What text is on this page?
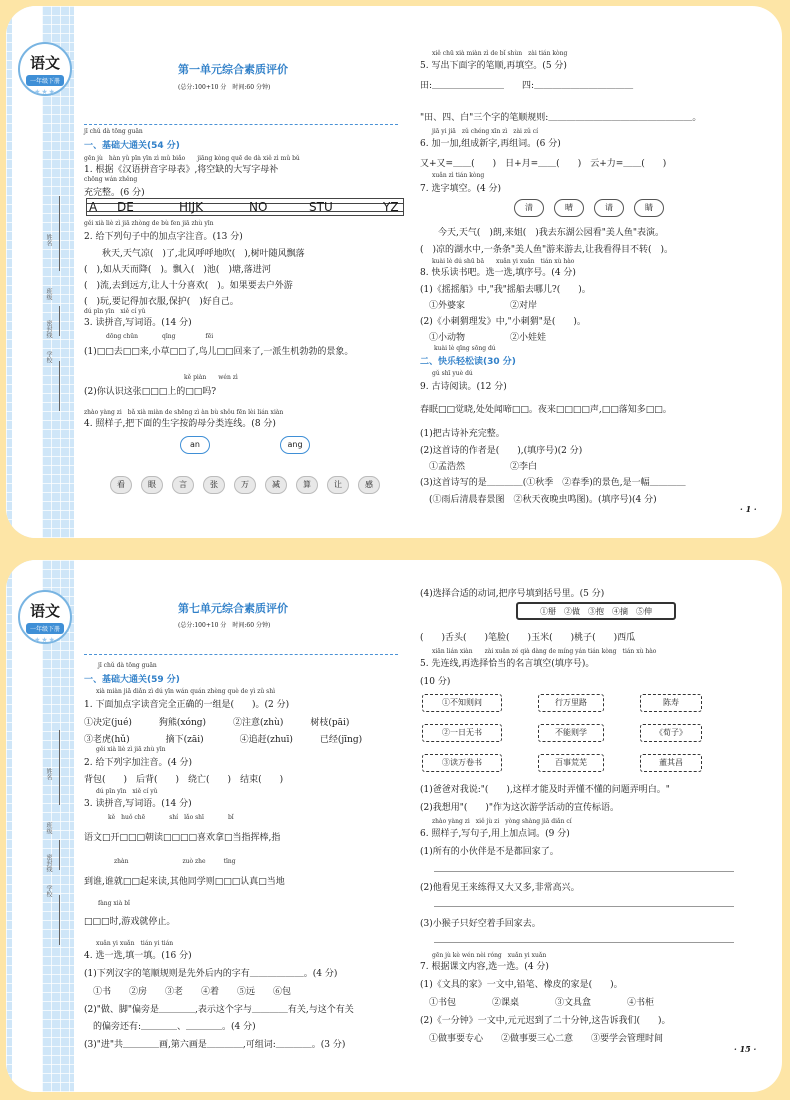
姓名
班级
密封线
学校
语文
一年级下册
★★★
第一单元综合素质评价
(总分:100+10 分　时间:60 分钟)
jī chǔ dà tōng guān
一、基础大通关(54 分)
gēn jù　hàn yǔ pīn yīn zì mǔ biǎo　　jiāng kòng quē de dà xiě zì mǔ bǔ
1. 根据《汉语拼音字母表》,将空缺的大写字母补
chōng wán zhěng
充完整。(6 分)
A DE	HIJK	NO	STU	YZ
gěi xià liè zì jiā zhòng de bù fen jiā zhù yīn
2. 给下列句子中的加点字注音。(13 分)
　　秋天,天气凉(　)了,北风呼呼地吹(　),树叶随风飘落
(　),如从天而降(　)。飘入(　)池(　)塘,落进河
(　)流,去到远方,让人十分喜欢(　)。如果要去户外游
(　)玩,要记得加衣服,保护(　)好自己。
dú pīn yīn　xiě cí yǔ
3. 读拼音,写词语。(14 分)
dōng chūn　　　　qīng　　　　　fēi
(1)□□去□□来,小草□□了,鸟儿□□回来了,一派生机勃勃的景象。
kě piàn　　wén zì
(2)你认识这张□□□上的□□吗?
zhào yàng zi　bǎ xià miàn de shēng zì àn bù shǒu fēn lèi lián xiàn
4. 照样子,把下面的生字按韵母分类连线。(8 分)
an	ang
看	眼	言	张	万	减	算	让	感
xiě chū xià miàn zì de bǐ shùn　zài tián kòng
5. 写出下面字的笔顺,再填空。(5 分)
田:＿＿＿＿＿＿＿＿　　四:＿＿＿＿＿＿＿＿＿＿＿
"田、四、白"三个字的笔顺规则:＿＿＿＿＿＿＿＿＿＿＿＿＿＿＿＿。
jiā yi jiā　zǔ chéng xīn zì　zài zǔ cí
6. 加一加,组成新字,再组词。(6 分)
又+又=＿＿(　　)　日+月=＿＿(　　)　云+力=＿＿(　　)
xuǎn zì tián kòng
7. 选字填空。(4 分)
清	晴	请	睛
　　今天,天气(　)朗,来姐(　)我去东湖公园看"美人鱼"表演。
(　)凉的湖水中,一条条"美人鱼"游来游去,让我看得目不转(　)。
kuài lè dú shū bā　　xuǎn yi xuǎn　tián xù hào
8. 快乐读书吧。选一选,填序号。(4 分)
(1)《摇摇船》中,"我"摇船去哪儿?(　　)。
　①外婆家　　　　　②对岸
(2)《小刺猬理发》中,"小刺猬"是(　　)。
　①小动物　　　　　②小娃娃
kuài lè qīng sōng dú
二、快乐轻松读(30 分)
gǔ shī yuè dú
9. 古诗阅读。(12 分)
春眠□□觉晓,处处闻啼□□。夜来□□□□声,□□落知多□□。
(1)把古诗补充完整。
(2)这首诗的作者是(　　),(填序号)(2 分)
　①孟浩然　　　　　②李白
(3)这首诗写的是＿＿＿＿(①秋季　②春季)的景色,是一幅＿＿＿＿
　(①雨后清晨春景图　②秋天夜晚虫鸣图)。(填序号)(4 分)
· 1 ·
姓名
班级
密封线
学校
语文
一年级下册
★★★
第七单元综合素质评价
(总分:100+10 分　时间:60 分钟)
jī chǔ dà tōng guān
一、基础大通关(59 分)
xià miàn jiā diǎn zì dú yīn wán quán zhèng què de yì zǔ shì
1. 下面加点字读音完全正确的一组是(　　)。(2 分)
①决定(jué)　　　狗熊(xóng)　　　②注意(zhù)　　　树枝(pāi)
③老虎(hǔ)　　　　摘下(zāi)　　　　④追赶(zhuī)　　　已经(jīng)
gěi xià liè zì jiā zhù yīn
2. 给下列字加注音。(4 分)
背包(　　)　后背(　　)　绕亡(　　)　结束(　　)
dú pīn yīn　xiě cí yǔ
3. 读拼音,写词语。(14 分)
　　　　kě　huǒ chē　　　　shí　lǎo shī　　　　bǐ
语文□开□□□朝读□□□□喜欢拿□当指挥棒,指
　　　　　zhàn　　　　　　　　　zuò zhe　　　tīng
到谁,谁就□□起来读,其他同学则□□□认真□当地
fàng xià bǐ
□□□时,游戏就停止。
xuǎn yi xuǎn　tián yi tián
4. 选一选,填一填。(16 分)
(1)下列汉字的笔顺规则是先外后内的字有＿＿＿＿＿＿。(4 分)
　①书　　②房　　③老　　④着　　⑤远　　⑥包
(2)"做、脚"偏旁是＿＿＿＿,表示这个字与＿＿＿＿有关,与这个有关
　的偏旁还有:＿＿＿＿、＿＿＿＿。(4 分)
(3)"进"共＿＿＿＿画,第六画是＿＿＿＿,可组词:＿＿＿＿。(3 分)
(4)选择合适的动词,把序号填到括号里。(5 分)
①掰　②做　③抱　④摘　⑤伸
(　　)舌头(　　)笔脸(　　)玉米(　　)桃子(　　)西瓜
xiān lián xiàn　　zài xuǎn zé qià dàng de míng yán tián kòng　tián xù hào
5. 先连线,再选择恰当的名言填空(填序号)。
(10 分)
①不知则问	行万里路	陈寿
②一日无书	不能则学	《荀子》
③读万卷书	百事荒芜	董其昌
(1)爸爸对我说:"(　　),这样才能及时弄懂不懂的问题弄明白。"
(2)我想用"(　　)"作为这次游学活动的宣传标语。
zhào yàng zi　xiě jù zi　yòng shàng jiā diǎn cí
6. 照样子,写句子,用上加点词。(9 分)
(1)所有的小伙伴是不是都回家了。
(2)他看见王来练得又大又多,非常高兴。
(3)小猴子只好空着手回家去。
gēn jù kè wén nèi róng　xuǎn yi xuǎn
7. 根据课文内容,选一选。(4 分)
(1)《文具的家》一文中,铅笔、橡皮的家是(　　)。
　①书包　　　　②课桌　　　　③文具盒　　　　④书柜
(2)《一分钟》一文中,元元迟到了二十分钟,这告诉我们(　　)。
　①做事要专心　　②做事要三心二意　　③要学会管理时间
· 15 ·
